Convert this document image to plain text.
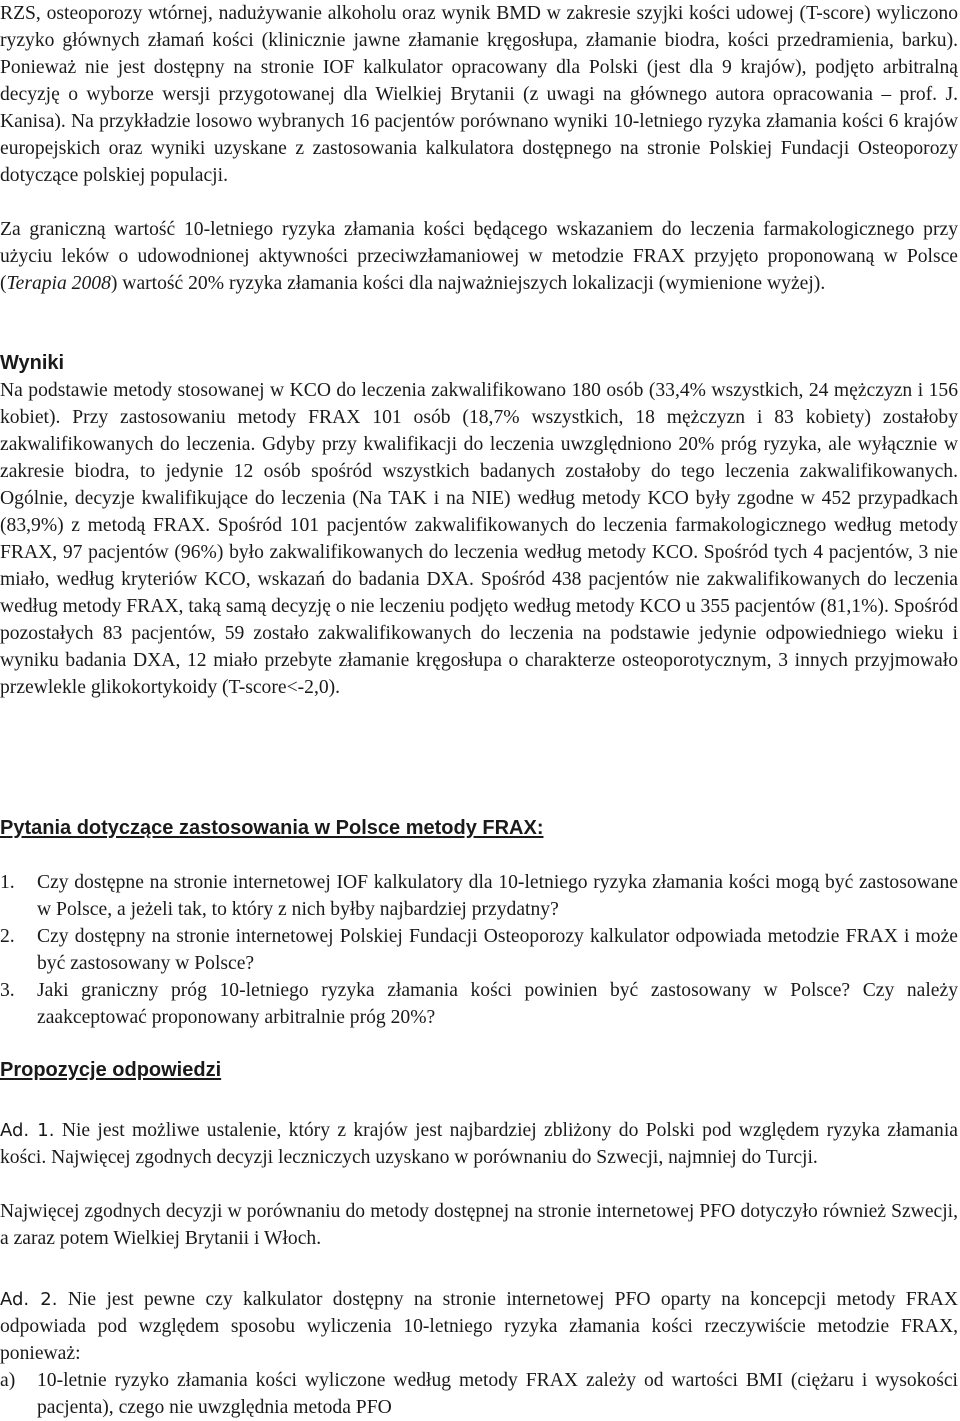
RZS, osteoporozy wtórnej, nadużywanie alkoholu oraz wynik BMD w zakresie szyjki kości udowej (T-score) wyliczono ryzyko głównych złamań kości (klinicznie jawne złamanie kręgosłupa, złamanie biodra, kości przedramienia, barku). Ponieważ nie jest dostępny na stronie IOF kalkulator opracowany dla Polski (jest dla 9 krajów), podjęto arbitralną decyzję o wyborze wersji przygotowanej dla Wielkiej Brytanii (z uwagi na głównego autora opracowania – prof. J. Kanisa). Na przykładzie losowo wybranych 16 pacjentów porównano wyniki 10-letniego ryzyka złamania kości 6 krajów europejskich oraz wyniki uzyskane z zastosowania kalkulatora dostępnego na stronie Polskiej Fundacji Osteoporozy dotyczące polskiej populacji.

Za graniczną wartość 10-letniego ryzyka złamania kości będącego wskazaniem do leczenia farmakologicznego przy użyciu leków o udowodnionej aktywności przeciwzłamaniowej w metodzie FRAX przyjęto proponowaną w Polsce (Terapia 2008) wartość 20% ryzyka złamania kości dla najważniejszych lokalizacji (wymienione wyżej).

Wyniki

Na podstawie metody stosowanej w KCO do leczenia zakwalifikowano 180 osób (33,4% wszystkich, 24 mężczyzn i 156 kobiet). Przy zastosowaniu metody FRAX 101 osób (18,7% wszystkich, 18 mężczyzn i 83 kobiety) zostałoby zakwalifikowanych do leczenia. Gdyby przy kwalifikacji do leczenia uwzględniono 20% próg ryzyka, ale wyłącznie w zakresie biodra, to jedynie 12 osób spośród wszystkich badanych zostałoby do tego leczenia zakwalifikowanych. Ogólnie, decyzje kwalifikujące do leczenia (Na TAK i na NIE) według metody KCO były zgodne w 452 przypadkach (83,9%) z metodą FRAX. Spośród 101 pacjentów zakwalifikowanych do leczenia farmakologicznego według metody FRAX, 97 pacjentów (96%) było zakwalifikowanych do leczenia według metody KCO. Spośród tych 4 pacjentów, 3 nie miało, według kryteriów KCO, wskazań do badania DXA. Spośród 438 pacjentów nie zakwalifikowanych do leczenia według metody FRAX, taką samą decyzję o nie leczeniu podjęto według metody KCO u 355 pacjentów (81,1%). Spośród pozostałych 83 pacjentów, 59 zostało zakwalifikowanych do leczenia na podstawie jedynie odpowiedniego wieku i wyniku badania DXA, 12 miało przebyte złamanie kręgosłupa o charakterze osteoporotycznym, 3 innych przyjmowało przewlekle glikokortykoidy (T-score<-2,0).

Pytania dotyczące zastosowania w Polsce metody FRAX:
1.	Czy dostępne na stronie internetowej IOF kalkulatory dla 10-letniego ryzyka złamania kości mogą być zastosowane w Polsce, a jeżeli tak, to który z nich byłby najbardziej przydatny?

2.	Czy dostępny na stronie internetowej Polskiej Fundacji Osteoporozy kalkulator odpowiada metodzie FRAX i może być zastosowany w Polsce?

3.	Jaki graniczny próg 10-letniego ryzyka złamania kości powinien być zastosowany w Polsce? Czy należy zaakceptować proponowany arbitralnie próg 20%?

Propozycje odpowiedzi

Ad. 1. Nie jest możliwe ustalenie, który z krajów jest najbardziej zbliżony do Polski pod względem ryzyka złamania kości. Najwięcej zgodnych decyzji leczniczych uzyskano w porównaniu do Szwecji, najmniej do Turcji.

Najwięcej zgodnych decyzji w porównaniu do metody dostępnej na stronie internetowej PFO dotyczyło również Szwecji, a zaraz potem Wielkiej Brytanii i Włoch.

Ad. 2. Nie jest pewne czy kalkulator dostępny na stronie internetowej PFO oparty na koncepcji metody FRAX odpowiada pod względem sposobu wyliczenia 10-letniego ryzyka złamania kości rzeczywiście metodzie FRAX, ponieważ:

a)	10-letnie ryzyko złamania kości wyliczone według metody FRAX zależy od wartości BMI (ciężaru i wysokości pacjenta), czego nie uwzględnia metoda PFO
